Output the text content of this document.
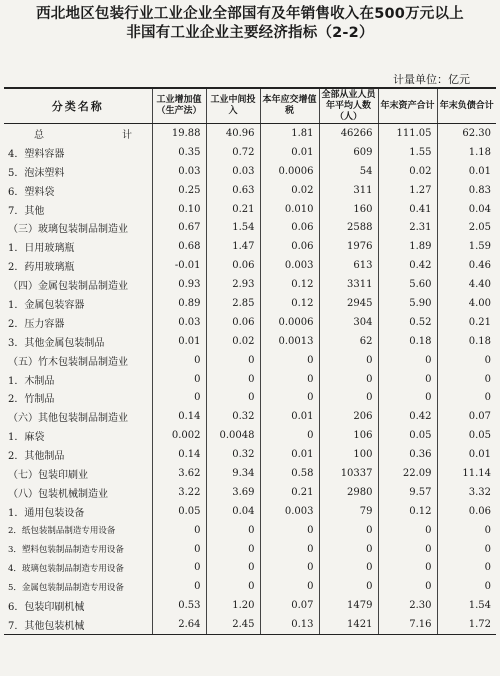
西北地区包装行业工业企业全部国有及年销售收入在500万元以上
非国有工业企业主要经济指标（2-2）
计量单位：亿元
分类名称	工业增加值（生产法）	工业中间投入	本年应交增值税	全部从业人员年平均人数（人）	年末资产合计	年末负债合计
总　计	19.88	40.96	1.81	46266	111.05	62.30
4．塑料容器	0.35	0.72	0.01	609	1.55	1.18
5．泡沫塑料	0.03	0.03	0.0006	54	0.02	0.01
6．塑料袋	0.25	0.63	0.02	311	1.27	0.83
7．其他	0.10	0.21	0.010	160	0.41	0.04
（三）玻璃包装制品制造业	0.67	1.54	0.06	2588	2.31	2.05
1．日用玻璃瓶	0.68	1.47	0.06	1976	1.89	1.59
2．药用玻璃瓶	-0.01	0.06	0.003	613	0.42	0.46
（四）金属包装制品制造业	0.93	2.93	0.12	3311	5.60	4.40
1．金属包装容器	0.89	2.85	0.12	2945	5.90	4.00
2．压力容器	0.03	0.06	0.0006	304	0.52	0.21
3．其他金属包装制品	0.01	0.02	0.0013	62	0.18	0.18
（五）竹木包装制品制造业	0	0	0	0	0	0
1．木制品	0	0	0	0	0	0
2．竹制品	0	0	0	0	0	0
（六）其他包装制品制造业	0.14	0.32	0.01	206	0.42	0.07
1．麻袋	0.002	0.0048	0	106	0.05	0.05
2．其他制品	0.14	0.32	0.01	100	0.36	0.01
（七）包装印刷业	3.62	9.34	0.58	10337	22.09	11.14
（八）包装机械制造业	3.22	3.69	0.21	2980	9.57	3.32
1．通用包装设备	0.05	0.04	0.003	79	0.12	0.06
2．纸包装制品制造专用设备	0	0	0	0	0	0
3．塑料包装制品制造专用设备	0	0	0	0	0	0
4．玻璃包装制品制造专用设备	0	0	0	0	0	0
5．金属包装制品制造专用设备	0	0	0	0	0	0
6．包装印刷机械	0.53	1.20	0.07	1479	2.30	1.54
7．其他包装机械	2.64	2.45	0.13	1421	7.16	1.72
